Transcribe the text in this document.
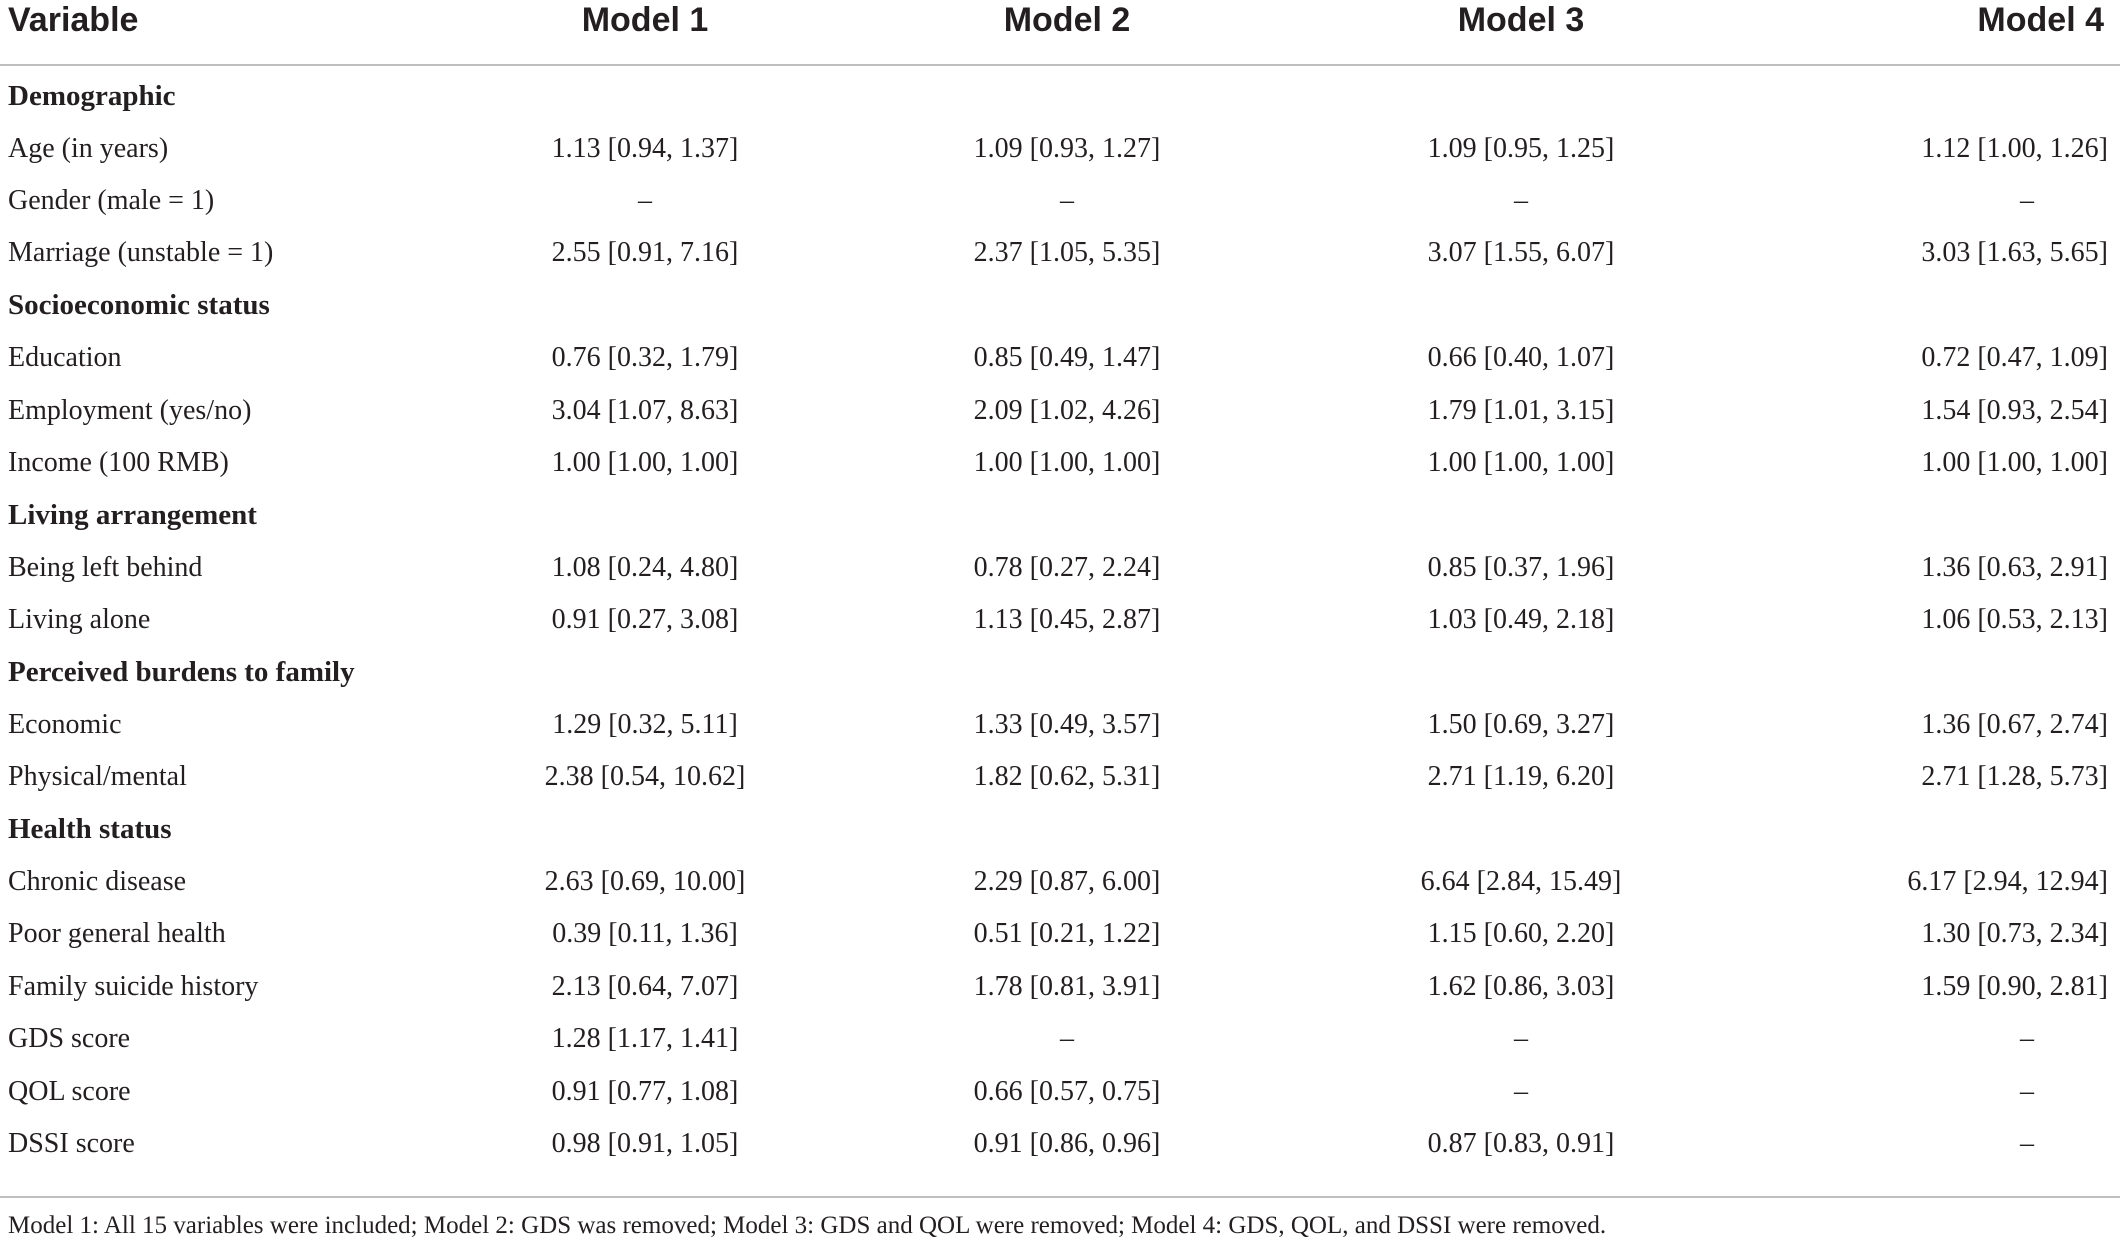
Variable	Model 1	Model 2	Model 3	Model 4

Demographic				
Age (in years)	1.13 [0.94, 1.37]	1.09 [0.93, 1.27]	1.09 [0.95, 1.25]	1.12 [1.00, 1.26]
Gender (male = 1)	–	–	–	–
Marriage (unstable = 1)	2.55 [0.91, 7.16]	2.37 [1.05, 5.35]	3.07 [1.55, 6.07]	3.03 [1.63, 5.65]
Socioeconomic status				
Education	0.76 [0.32, 1.79]	0.85 [0.49, 1.47]	0.66 [0.40, 1.07]	0.72 [0.47, 1.09]
Employment (yes/no)	3.04 [1.07, 8.63]	2.09 [1.02, 4.26]	1.79 [1.01, 3.15]	1.54 [0.93, 2.54]
Income (100 RMB)	1.00 [1.00, 1.00]	1.00 [1.00, 1.00]	1.00 [1.00, 1.00]	1.00 [1.00, 1.00]
Living arrangement				
Being left behind	1.08 [0.24, 4.80]	0.78 [0.27, 2.24]	0.85 [0.37, 1.96]	1.36 [0.63, 2.91]
Living alone	0.91 [0.27, 3.08]	1.13 [0.45, 2.87]	1.03 [0.49, 2.18]	1.06 [0.53, 2.13]
Perceived burdens to family				
Economic	1.29 [0.32, 5.11]	1.33 [0.49, 3.57]	1.50 [0.69, 3.27]	1.36 [0.67, 2.74]
Physical/mental	2.38 [0.54, 10.62]	1.82 [0.62, 5.31]	2.71 [1.19, 6.20]	2.71 [1.28, 5.73]
Health status				
Chronic disease	2.63 [0.69, 10.00]	2.29 [0.87, 6.00]	6.64 [2.84, 15.49]	6.17 [2.94, 12.94]
Poor general health	0.39 [0.11, 1.36]	0.51 [0.21, 1.22]	1.15 [0.60, 2.20]	1.30 [0.73, 2.34]
Family suicide history	2.13 [0.64, 7.07]	1.78 [0.81, 3.91]	1.62 [0.86, 3.03]	1.59 [0.90, 2.81]
GDS score	1.28 [1.17, 1.41]	–	–	–
QOL score	0.91 [0.77, 1.08]	0.66 [0.57, 0.75]	–	–
DSSI score	0.98 [0.91, 1.05]	0.91 [0.86, 0.96]	0.87 [0.83, 0.91]	–
Model 1: All 15 variables were included; Model 2: GDS was removed; Model 3: GDS and QOL were removed; Model 4: GDS, QOL, and DSSI were removed.
